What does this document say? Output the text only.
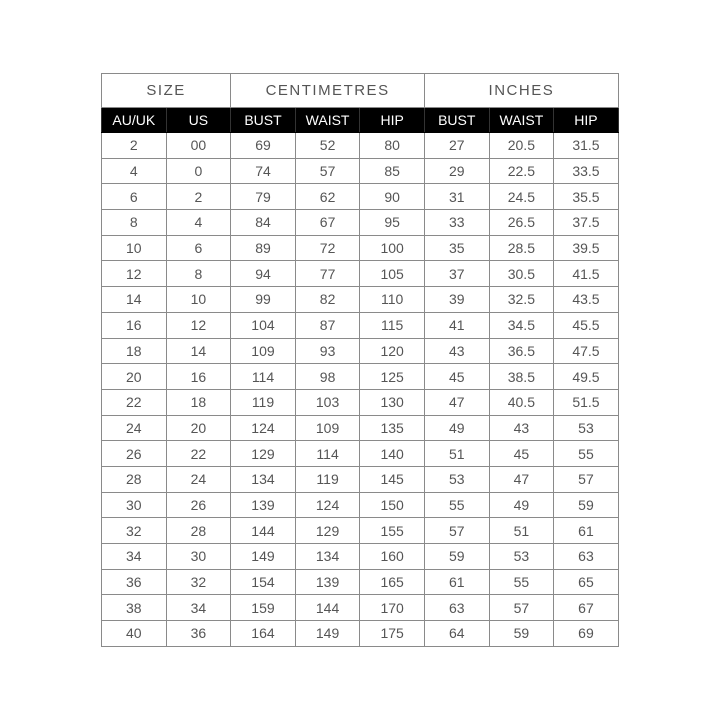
SIZE		CENTIMETRES			INCHES		
AU/UK	US	BUST	WAIST	HIP	BUST	WAIST	HIP
2	00	69	52	80	27	20.5	31.5
4	0	74	57	85	29	22.5	33.5
6	2	79	62	90	31	24.5	35.5
8	4	84	67	95	33	26.5	37.5
10	6	89	72	100	35	28.5	39.5
12	8	94	77	105	37	30.5	41.5
14	10	99	82	110	39	32.5	43.5
16	12	104	87	115	41	34.5	45.5
18	14	109	93	120	43	36.5	47.5
20	16	114	98	125	45	38.5	49.5
22	18	119	103	130	47	40.5	51.5
24	20	124	109	135	49	43	53
26	22	129	114	140	51	45	55
28	24	134	119	145	53	47	57
30	26	139	124	150	55	49	59
32	28	144	129	155	57	51	61
34	30	149	134	160	59	53	63
36	32	154	139	165	61	55	65
38	34	159	144	170	63	57	67
40	36	164	149	175	64	59	69
